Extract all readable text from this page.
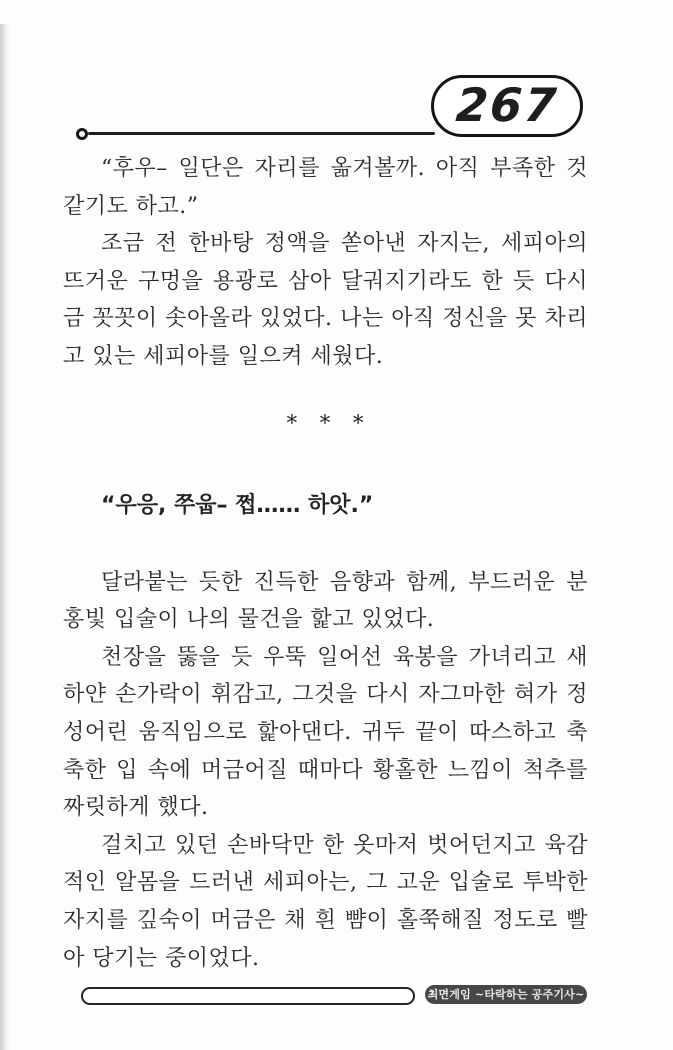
267

“후우– 일단은 자리를 옮겨볼까. 아직 부족한 것 같기도 하고.”

조금 전 한바탕 정액을 쏟아낸 자지는, 세피아의 뜨거운 구멍을 용광로 삼아 달궈지기라도 한 듯 다시금 꼿꼿이 솟아올라 있었다. 나는 아직 정신을 못 차리고 있는 세피아를 일으켜 세웠다.

* * *

“우응, 쭈웁– 쩝…… 하앗.”

달라붙는 듯한 진득한 음향과 함께, 부드러운 분홍빛 입술이 나의 물건을 핥고 있었다.

천장을 뚫을 듯 우뚝 일어선 육봉을 가녀리고 새하얀 손가락이 휘감고, 그것을 다시 자그마한 혀가 정성어린 움직임으로 핥아댄다. 귀두 끝이 따스하고 축축한 입 속에 머금어질 때마다 황홀한 느낌이 척추를 짜릿하게 했다.

걸치고 있던 손바닥만 한 옷마저 벗어던지고 육감적인 알몸을 드러낸 세피아는, 그 고운 입술로 투박한 자지를 깊숙이 머금은 채 흰 뺨이 홀쭉해질 정도로 빨아 당기는 중이었다.

최면게임 ~타락하는 공주기사~
